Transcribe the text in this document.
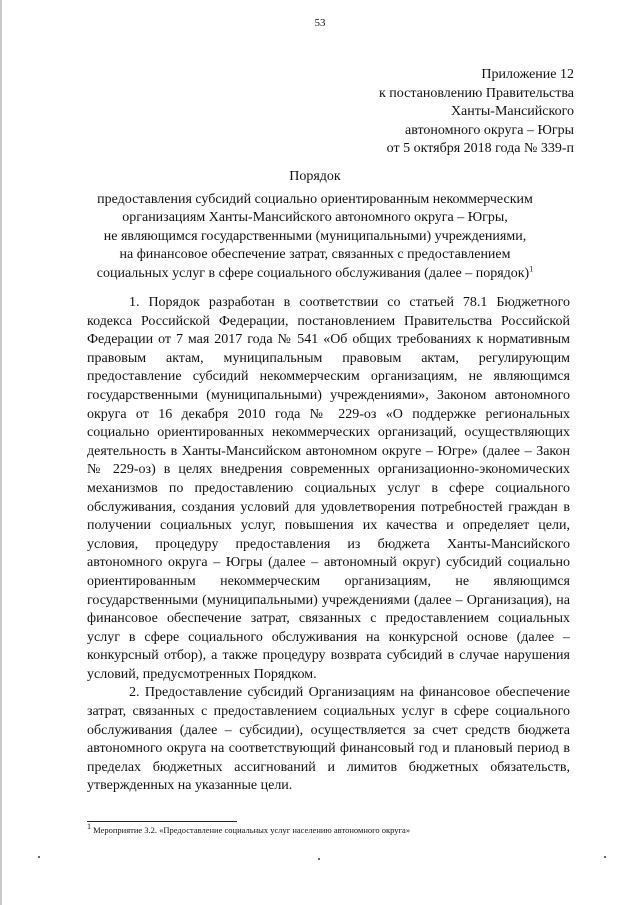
53
Приложение 12
к постановлению Правительства
Ханты-Мансийского
автономного округа – Югры
от 5 октября 2018 года № 339-п
Порядок
предоставления субсидий социально ориентированным некоммерческим
организациям Ханты-Мансийского автономного округа – Югры,
не являющимся государственными (муниципальными) учреждениями,
на финансовое обеспечение затрат, связанных с предоставлением
социальных услуг в сфере социального обслуживания (далее – порядок)$^1$

1. Порядок разработан в соответствии со статьей 78.1 Бюджетного кодекса Российской Федерации, постановлением Правительства Российской Федерации от 7 мая 2017 года № 541 «Об общих требованиях к нормативным правовым актам, муниципальным правовым актам, регулирующим предоставление субсидий некоммерческим организациям, не являющимся государственными (муниципальными) учреждениями», Законом автономного округа от 16 декабря 2010 года № 229-оз «О поддержке региональных социально ориентированных некоммерческих организаций, осуществляющих деятельность в Ханты-Мансийском автономном округе – Югре» (далее – Закон № 229-оз) в целях внедрения современных организационно-экономических механизмов по предоставлению социальных услуг в сфере социального обслуживания, создания условий для удовлетворения потребностей граждан в получении социальных услуг, повышения их качества и определяет цели, условия, процедуру предоставления из бюджета Ханты-Мансийского автономного округа – Югры (далее – автономный округ) субсидий социально ориентированным некоммерческим организациям, не являющимся государственными (муниципальными) учреждениями (далее – Организация), на финансовое обеспечение затрат, связанных с предоставлением социальных услуг в сфере социального обслуживания на конкурсной основе (далее – конкурсный отбор), а также процедуру возврата субсидий в случае нарушения условий, предусмотренных Порядком.

2. Предоставление субсидий Организациям на финансовое обеспечение затрат, связанных с предоставлением социальных услуг в сфере социального обслуживания (далее – субсидии), осуществляется за счет средств бюджета автономного округа на соответствующий финансовый год и плановый период в пределах бюджетных ассигнований и лимитов бюджетных обязательств, утвержденных на указанные цели.

$^1$ Мероприятие 3.2. «Предоставление социальных услуг населению автономного округа»
